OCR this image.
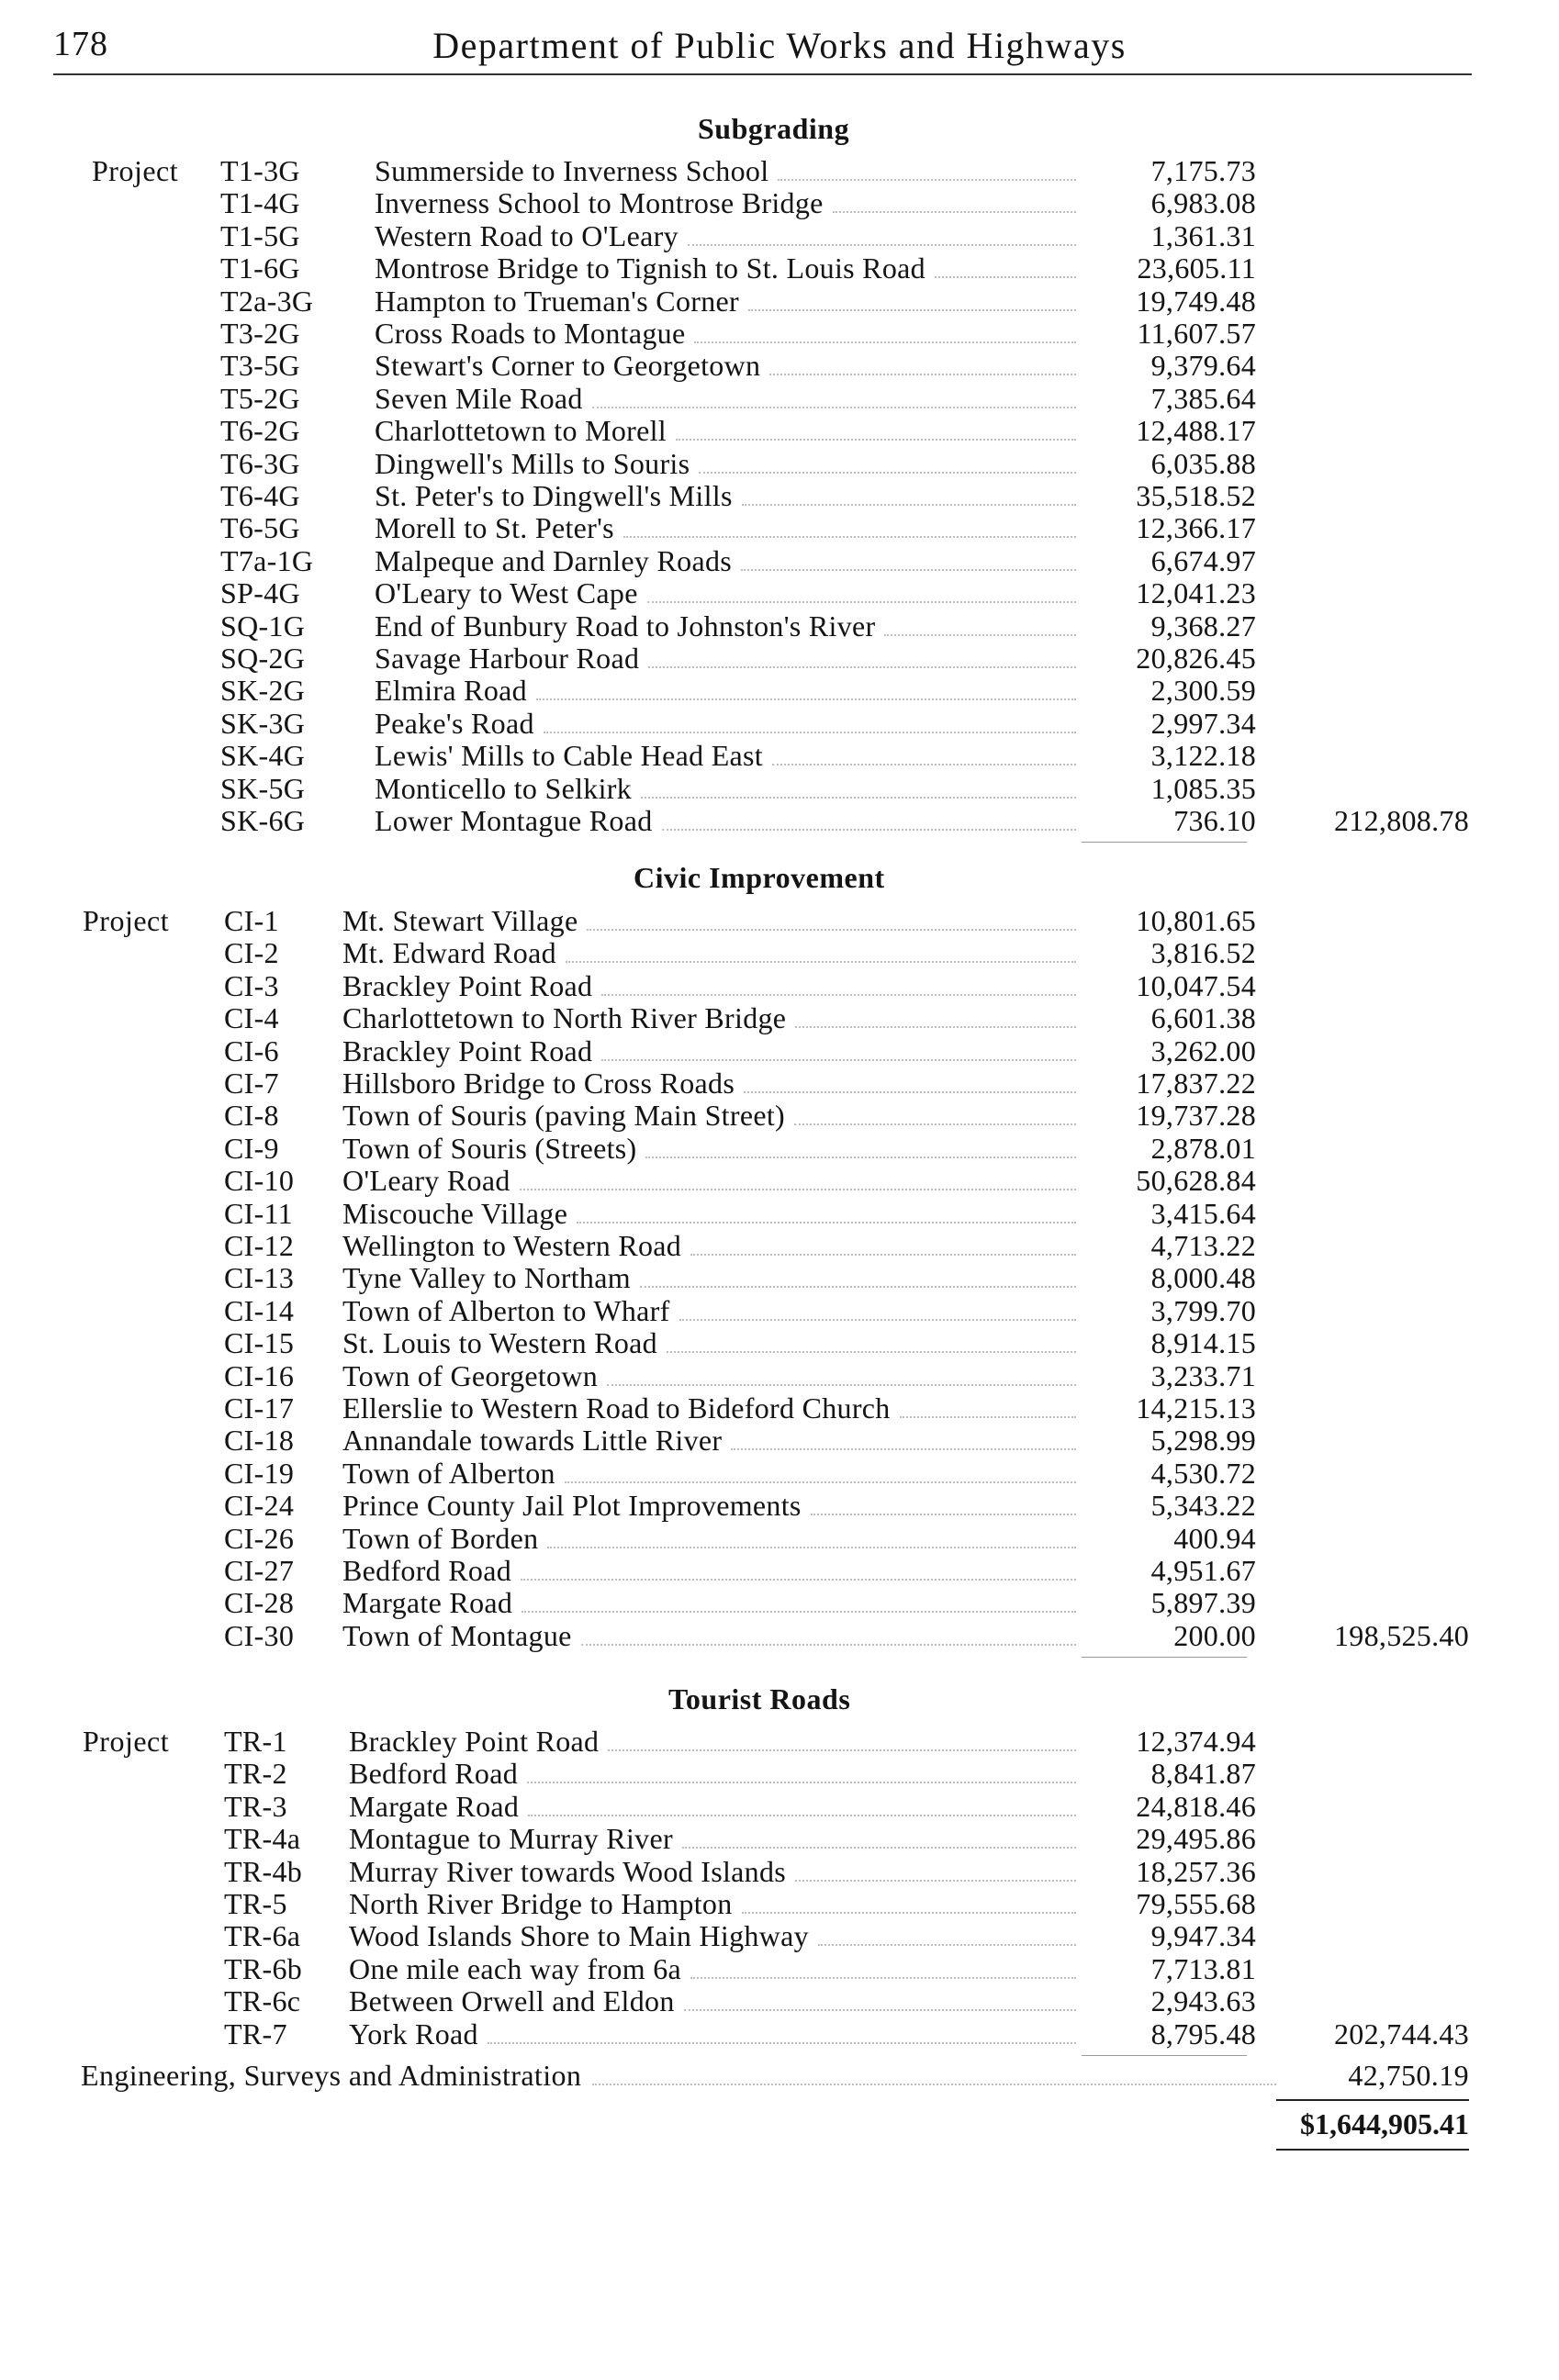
178	Department of Public Works and Highways
Subgrading
Project T1-3G	Summerside to Inverness School	7,175.73
T1-4G	Inverness School to Montrose Bridge	6,983.08
T1-5G	Western Road to O'Leary	1,361.31
T1-6G	Montrose Bridge to Tignish to St. Louis Road	23,605.11
T2a-3G Hampton to Trueman's Corner	19,749.48
T3-2G	Cross Roads to Montague	11,607.57
T3-5G	Stewart's Corner to Georgetown	9,379.64
T5-2G	Seven Mile Road	7,385.64
T6-2G	Charlottetown to Morell	12,488.17
T6-3G	Dingwell's Mills to Souris	6,035.88
T6-4G	St. Peter's to Dingwell's Mills	35,518.52
T6-5G	Morell to St. Peter's	12,366.17
T7a-1G Malpeque and Darnley Roads	6,674.97
SP-4G	O'Leary to West Cape	12,041.23
SQ-1G End of Bunbury Road to Johnston's River	9,368.27
SQ-2G Savage Harbour Road	20,826.45
SK-2G Elmira Road	2,300.59
SK-3G Peake's Road	2,997.34
SK-4G Lewis' Mills to Cable Head East	3,122.18
SK-5G Monticello to Selkirk	1,085.35
SK-6G Lower Montague Road	736.10	212,808.78
Civic Improvement
Project CI-1 Mt. Stewart Village	10,801.65
CI-2 Mt. Edward Road	3,816.52
CI-3 Brackley Point Road	10,047.54
CI-4 Charlottetown to North River Bridge	6,601.38
CI-6 Brackley Point Road	3,262.00
CI-7 Hillsboro Bridge to Cross Roads	17,837.22
CI-8 Town of Souris (paving Main Street)	19,737.28
CI-9 Town of Souris (Streets)	2,878.01
CI-10 O'Leary Road	50,628.84
CI-11 Miscouche Village	3,415.64
CI-12 Wellington to Western Road	4,713.22
CI-13 Tyne Valley to Northam	8,000.48
CI-14 Town of Alberton to Wharf	3,799.70
CI-15 St. Louis to Western Road	8,914.15
CI-16 Town of Georgetown	3,233.71
CI-17 Ellerslie to Western Road to Bideford Church	14,215.13
CI-18 Annandale towards Little River	5,298.99
CI-19 Town of Alberton	4,530.72
CI-24 Prince County Jail Plot Improvements	5,343.22
CI-26 Town of Borden	400.94
CI-27 Bedford Road	4,951.67
CI-28 Margate Road	5,897.39
CI-30 Town of Montague	200.00	198,525.40
Tourist Roads
Project TR-1 Brackley Point Road	12,374.94
TR-2 Bedford Road	8,841.87
TR-3 Margate Road	24,818.46
TR-4a Montague to Murray River	29,495.86
TR-4b Murray River towards Wood Islands	18,257.36
TR-5 North River Bridge to Hampton	79,555.68
TR-6a Wood Islands Shore to Main Highway	9,947.34
TR-6b One mile each way from 6a	7,713.81
TR-6c Between Orwell and Eldon	2,943.63
TR-7 York Road	8,795.48	202,744.43
Engineering, Surveys and Administration	42,750.19
$1,644,905.41
